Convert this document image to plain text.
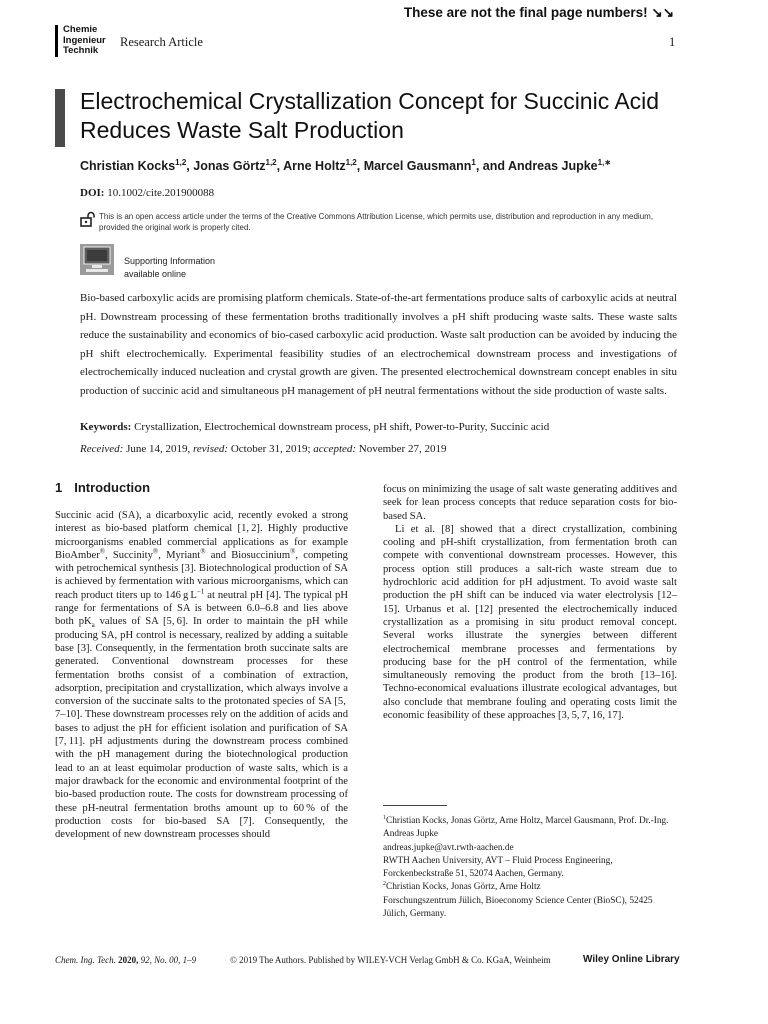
These are not the final page numbers! ↘↘
Chemie
Ingenieur
Technik
Research Article	1
Electrochemical Crystallization Concept for Succinic Acid Reduces Waste Salt Production
Christian Kocks$^{1,2}$, Jonas Görtz$^{1,2}$, Arne Holtz$^{1,2}$, Marcel Gausmann$^1$, and Andreas Jupke$^{1,∗}$
DOI: 10.1002/cite.201900088
This is an open access article under the terms of the Creative Commons Attribution License, which permits use, distribution and reproduction in any medium, provided the original work is properly cited.
Supporting Information
available online

Bio-based carboxylic acids are promising platform chemicals. State-of-the-art fermentations produce salts of carboxylic acids at neutral pH. Downstream processing of these fermentation broths traditionally involves a pH shift producing waste salts. These waste salts reduce the sustainability and economics of bio-cased carboxylic acid production. Waste salt production can be avoided by inducing the pH shift electrochemically. Experimental feasibility studies of an electrochemical downstream process and investigations of electrochemically induced nucleation and crystal growth are given. The presented electrochemical downstream concept enables in situ production of succinic acid and simultaneous pH management of pH neutral fermentations without the side production of waste salts.

Keywords: Crystallization, Electrochemical downstream process, pH shift, Power-to-Purity, Succinic acid
Received: June 14, 2019, revised: October 31, 2019; accepted: November 27, 2019
1 Introduction

Succinic acid (SA), a dicarboxylic acid, recently evoked a strong interest as bio-based platform chemical [1, 2]. Highly productive microorganisms enabled commercial applications as for example BioAmber®, Succinity®, Myriant® and Biosuccinium®, competing with petrochemical synthesis [3]. Biotechnological production of SA is achieved by fermentation with various microorganisms, which can reach product titers up to 146 g $L^{-1}$ at neutral pH [4]. The typical pH range for fermentations of SA is between 6.0–6.8 and lies above both $pK_a$ values of SA [5, 6]. In order to maintain the pH while producing SA, pH control is necessary, realized by adding a suitable base [3]. Consequently, in the fermentation broth succinate salts are generated. Conventional downstream processes for these fermentation broths consist of a combination of extraction, adsorption, precipitation and crystallization, which always involve a conversion of the succinate salts to the protonated species of SA [5, 7–10]. These downstream processes rely on the addition of acids and bases to adjust the pH for efficient isolation and purification of SA [7, 11]. pH adjustments during the downstream process combined with the pH management during the biotechnological production lead to an at least equimolar production of waste salts, which is a major drawback for the economic and environmental footprint of the bio-based production route. The costs for downstream processing of these pH-neutral fermentation broths amount up to 60 % of the production costs for bio-based SA [7]. Consequently, the development of new downstream processes should

focus on minimizing the usage of salt waste generating additives and seek for lean process concepts that reduce separation costs for bio-based SA.

Li et al. [8] showed that a direct crystallization, combining cooling and pH-shift crystallization, from fermentation broth can compete with conventional downstream processes. However, this process option still produces a salt-rich waste stream due to hydrochloric acid addition for pH adjustment. To avoid waste salt production the pH shift can be induced via water electrolysis [12–15]. Urbanus et al. [12] presented the electrochemically induced crystallization as a promising in situ product removal concept. Several works illustrate the synergies between different electrochemical membrane processes and fermentations by producing base for the pH control of the fermentation, while simultaneously removing the product from the broth [13–16]. Techno-economical evaluations illustrate ecological advantages, but also conclude that membrane fouling and operating costs limit the economic feasibility of these approaches [3, 5, 7, 16, 17].

$^1$Christian Kocks, Jonas Görtz, Arne Holtz, Marcel Gausmann, Prof. Dr.-Ing. Andreas Jupke
andreas.jupke@avt.rwth-aachen.de
RWTH Aachen University, AVT – Fluid Process Engineering, Forckenbeckstraße 51, 52074 Aachen, Germany.
$^2$Christian Kocks, Jonas Görtz, Arne Holtz
Forschungszentrum Jülich, Bioeconomy Science Center (BioSC), 52425 Jülich, Germany.
Chem. Ing. Tech. 2020, 92, No. 00, 1–9	© 2019 The Authors. Published by WILEY-VCH Verlag GmbH & Co. KGaA, Weinheim	Wiley Online Library
